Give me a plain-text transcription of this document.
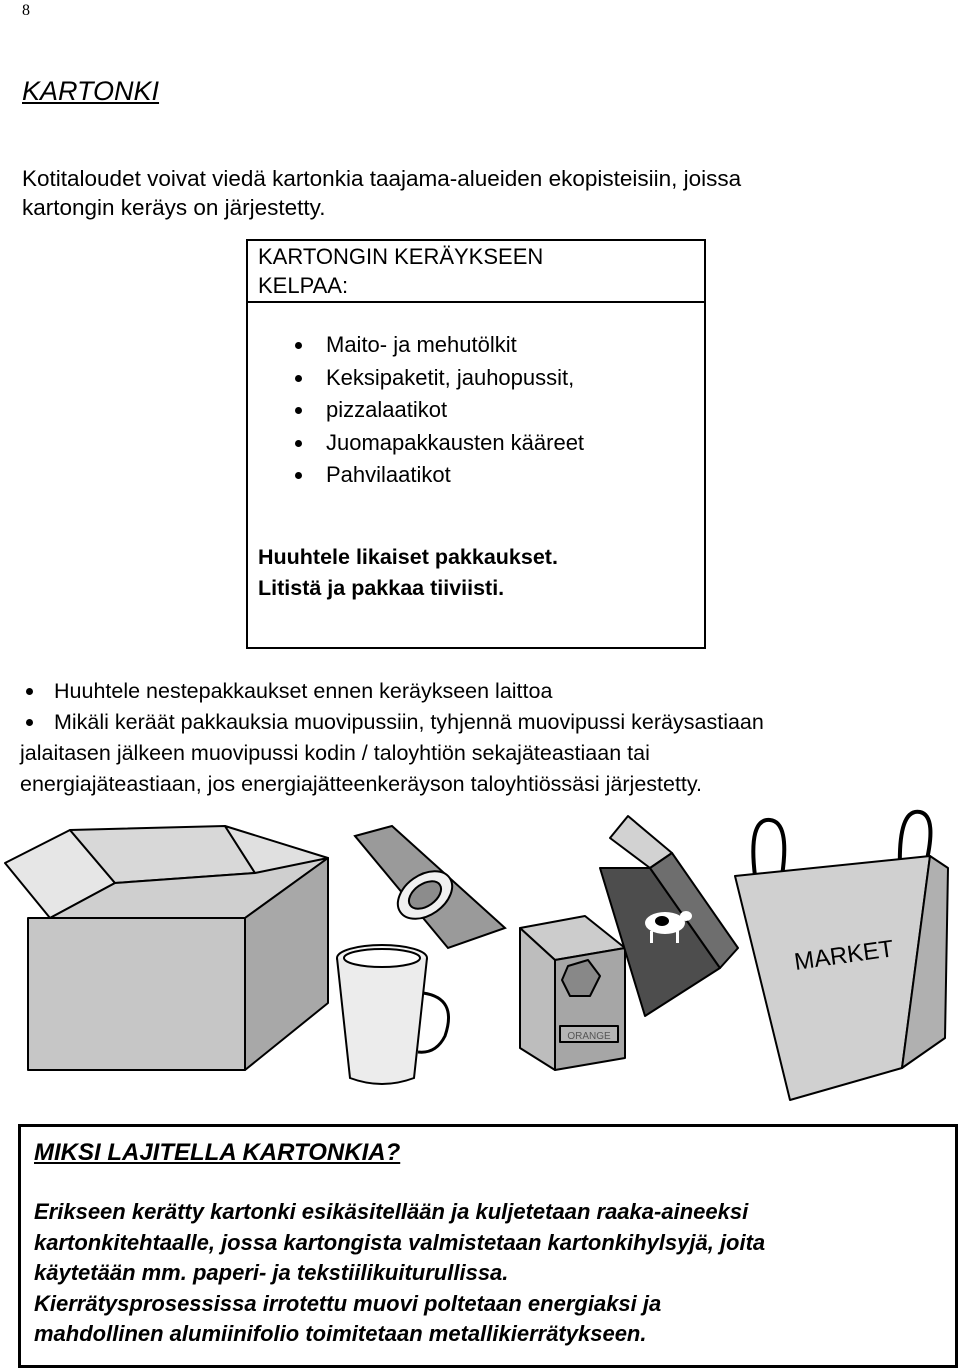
8
KARTONKI
Kotitaloudet voivat viedä kartonkia taajama-alueiden ekopisteisiin, joissa
kartongin keräys on järjestetty.
KARTONGIN KERÄYKSEEN
KELPAA:
Maito- ja mehutölkit
Keksipaketit, jauhopussit,
pizzalaatikot
Juomapakkausten kääreet
Pahvilaatikot
Huuhtele likaiset pakkaukset.
Litistä ja pakkaa tiiviisti.
Huuhtele nestepakkaukset ennen keräykseen laittoa
Mikäli keräät pakkauksia muovipussiin, tyhjennä muovipussi keräysastiaan
jalaitasen jälkeen muovipussi kodin / taloyhtiön sekajäteastiaan tai
energiajäteastiaan, jos energiajätteenkeräyson taloyhtiössäsi järjestetty.
ORANGE
MARKET
MIKSI LAJITELLA KARTONKIA?
Erikseen kerätty kartonki esikäsitellään ja kuljetetaan raaka-aineeksi
kartonkitehtaalle, jossa kartongista valmistetaan kartonkihylsyjä, joita
käytetään mm. paperi- ja tekstiilikuiturullissa.
Kierrätysprosessissa irrotettu muovi poltetaan energiaksi ja
mahdollinen alumiinifolio toimitetaan metallikierrätykseen.
